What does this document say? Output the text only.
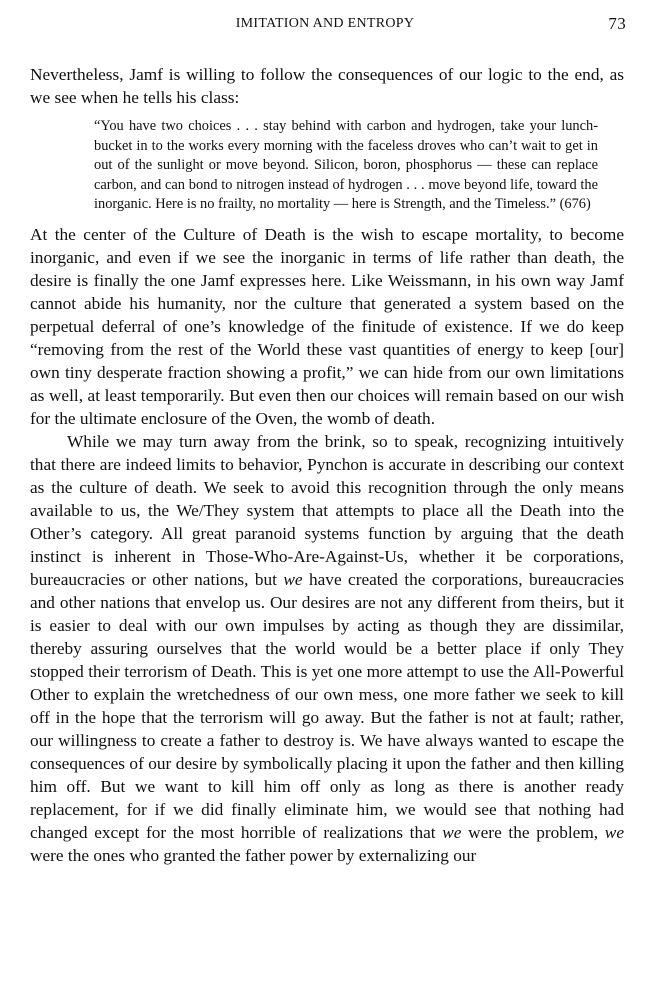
IMITATION AND ENTROPY	73

Nevertheless, Jamf is willing to follow the consequences of our logic to the end, as we see when he tells his class:

“You have two choices . . . stay behind with carbon and hydrogen, take your lunch-bucket in to the works every morning with the faceless droves who can’t wait to get in out of the sunlight or move beyond. Silicon, boron, phosphorus — these can replace carbon, and can bond to nitrogen instead of hydrogen . . . move beyond life, toward the inorganic. Here is no frailty, no mortality — here is Strength, and the Timeless.” (676)

At the center of the Culture of Death is the wish to escape mortality, to become inorganic, and even if we see the inorganic in terms of life rather than death, the desire is finally the one Jamf expresses here. Like Weissmann, in his own way Jamf cannot abide his humanity, nor the culture that generated a system based on the perpetual deferral of one’s knowledge of the finitude of existence. If we do keep “removing from the rest of the World these vast quantities of energy to keep [our] own tiny desperate fraction showing a profit,” we can hide from our own limitations as well, at least temporarily. But even then our choices will remain based on our wish for the ultimate enclosure of the Oven, the womb of death.

While we may turn away from the brink, so to speak, recognizing intuitively that there are indeed limits to behavior, Pynchon is accurate in describing our context as the culture of death. We seek to avoid this recognition through the only means available to us, the We/They system that attempts to place all the Death into the Other’s category. All great paranoid systems function by arguing that the death instinct is inherent in Those-Who-Are-Against-Us, whether it be corporations, bureaucracies or other nations, but we have created the corporations, bureaucracies and other nations that envelop us. Our desires are not any different from theirs, but it is easier to deal with our own impulses by acting as though they are dissimilar, thereby assuring ourselves that the world would be a better place if only They stopped their terrorism of Death. This is yet one more attempt to use the All-Powerful Other to explain the wretchedness of our own mess, one more father we seek to kill off in the hope that the terrorism will go away. But the father is not at fault; rather, our willingness to create a father to destroy is. We have always wanted to escape the consequences of our desire by symbolically placing it upon the father and then killing him off. But we want to kill him off only as long as there is another ready replacement, for if we did finally eliminate him, we would see that nothing had changed except for the most horrible of realizations that we were the problem, we were the ones who granted the father power by externalizing our
